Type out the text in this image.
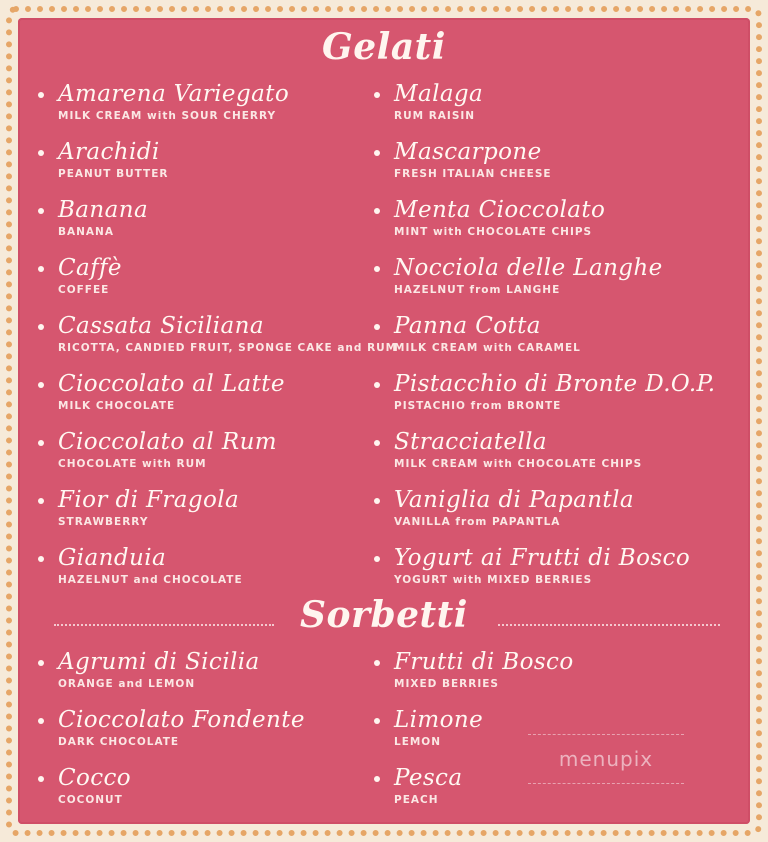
Gelati
Amarena Variegato
MILK CREAM with SOUR CHERRY
Arachidi
PEANUT BUTTER
Banana
BANANA
Caffè
COFFEE
Cassata Siciliana
RICOTTA, CANDIED FRUIT, SPONGE CAKE and RUM
Cioccolato al Latte
MILK CHOCOLATE
Cioccolato al Rum
CHOCOLATE with RUM
Fior di Fragola
STRAWBERRY
Gianduia
HAZELNUT and CHOCOLATE
Malaga
RUM RAISIN
Mascarpone
FRESH ITALIAN CHEESE
Menta Cioccolato
MINT with CHOCOLATE CHIPS
Nocciola delle Langhe
HAZELNUT from LANGHE
Panna Cotta
MILK CREAM with CARAMEL
Pistacchio di Bronte D.O.P.
PISTACHIO from BRONTE
Stracciatella
MILK CREAM with CHOCOLATE CHIPS
Vaniglia di Papantla
VANILLA from PAPANTLA
Yogurt ai Frutti di Bosco
YOGURT with MIXED BERRIES
Sorbetti
Agrumi di Sicilia
ORANGE and LEMON
Cioccolato Fondente
DARK CHOCOLATE
Cocco
COCONUT
Frutti di Bosco
MIXED BERRIES
Limone
LEMON
Pesca
PEACH
menupix
